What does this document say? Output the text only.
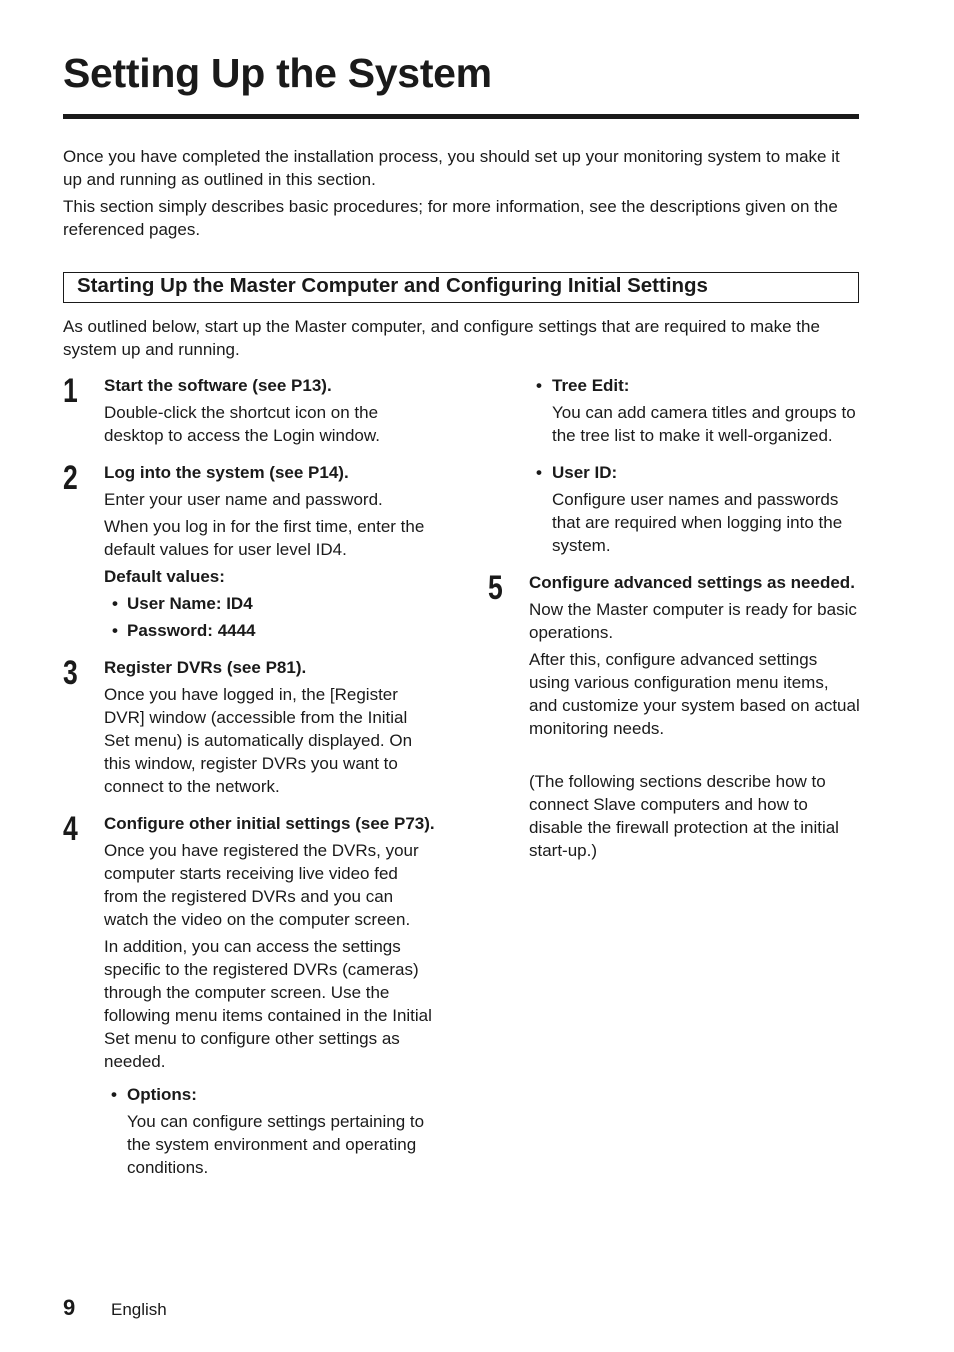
Setting Up the System

Once you have completed the installation process, you should set up your monitoring system to make it up and running as outlined in this section.

This section simply describes basic procedures; for more information, see the descriptions given on the referenced pages.

Starting Up the Master Computer and Configuring Initial Settings

As outlined below, start up the Master computer, and configure settings that are required to make the system up and running.

1 Start the software (see P13).

Double-click the shortcut icon on the desktop to access the Login window.

2 Log into the system (see P14).

Enter your user name and password.

When you log in for the first time, enter the default values for user level ID4.

Default values:

• User Name: ID4

• Password: 4444

3 Register DVRs (see P81).

Once you have logged in, the [Register DVR] window (accessible from the Initial Set menu) is automatically displayed. On this window, register DVRs you want to connect to the network.

4 Configure other initial settings (see P73).

Once you have registered the DVRs, your computer starts receiving live video fed from the registered DVRs and you can watch the video on the computer screen.

In addition, you can access the settings specific to the registered DVRs (cameras) through the computer screen. Use the following menu items contained in the Initial Set menu to configure other settings as needed.

• Options:

You can configure settings pertaining to the system environment and operating conditions.

• Tree Edit:

You can add camera titles and groups to the tree list to make it well-organized.

• User ID:

Configure user names and passwords that are required when logging into the system.

5 Configure advanced settings as needed.

Now the Master computer is ready for basic operations.

After this, configure advanced settings using various configuration menu items, and customize your system based on actual monitoring needs.

(The following sections describe how to connect Slave computers and how to disable the firewall protection at the initial start-up.)

9 English
